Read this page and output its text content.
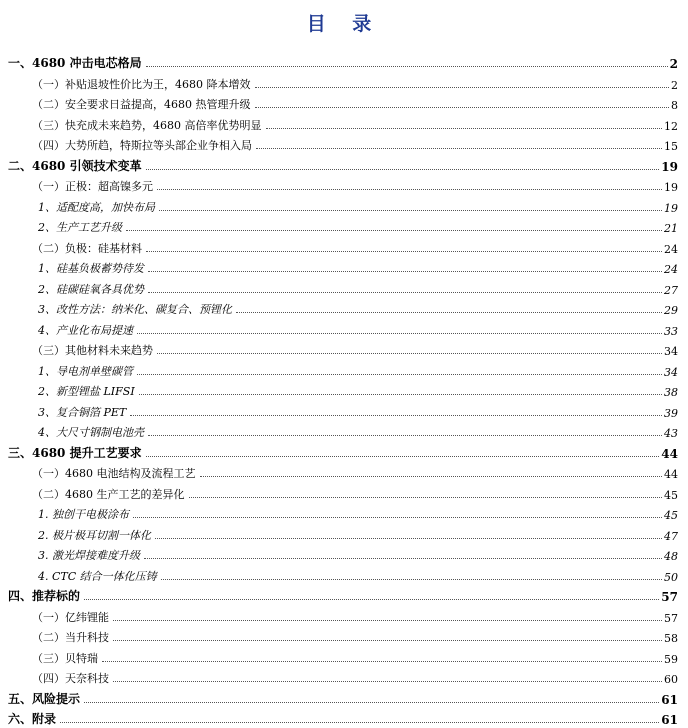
目 录
一、4680 冲击电芯格局	2
（一）补贴退坡性价比为王，4680 降本增效	2
（二）安全要求日益提高，4680 热管理升级	8
（三）快充成未来趋势，4680 高倍率优势明显	12
（四）大势所趋，特斯拉等头部企业争相入局	15
二、4680 引领技术变革	19
（一）正极：超高镍多元	19
1、适配度高，加快布局	19
2、生产工艺升级	21
（二）负极：硅基材料	24
1、硅基负极蓄势待发	24
2、硅碳硅氧各具优势	27
3、改性方法：纳米化、碳复合、预锂化	29
4、产业化布局提速	33
（三）其他材料未来趋势	34
1、导电剂单壁碳管	34
2、新型锂盐 LIFSI	38
3、复合铜箔 PET	39
4、大尺寸钢制电池壳	43
三、4680 提升工艺要求	44
（一）4680 电池结构及流程工艺	44
（二）4680 生产工艺的差异化	45
1. 独创干电极涂布	45
2. 极片极耳切割一体化	47
3. 激光焊接难度升级	48
4. CTC 结合一体化压铸	50
四、推荐标的	57
（一）亿纬锂能	57
（二）当升科技	58
（三）贝特瑞	59
（四）天奈科技	60
五、风险提示	61
六、附录	61
